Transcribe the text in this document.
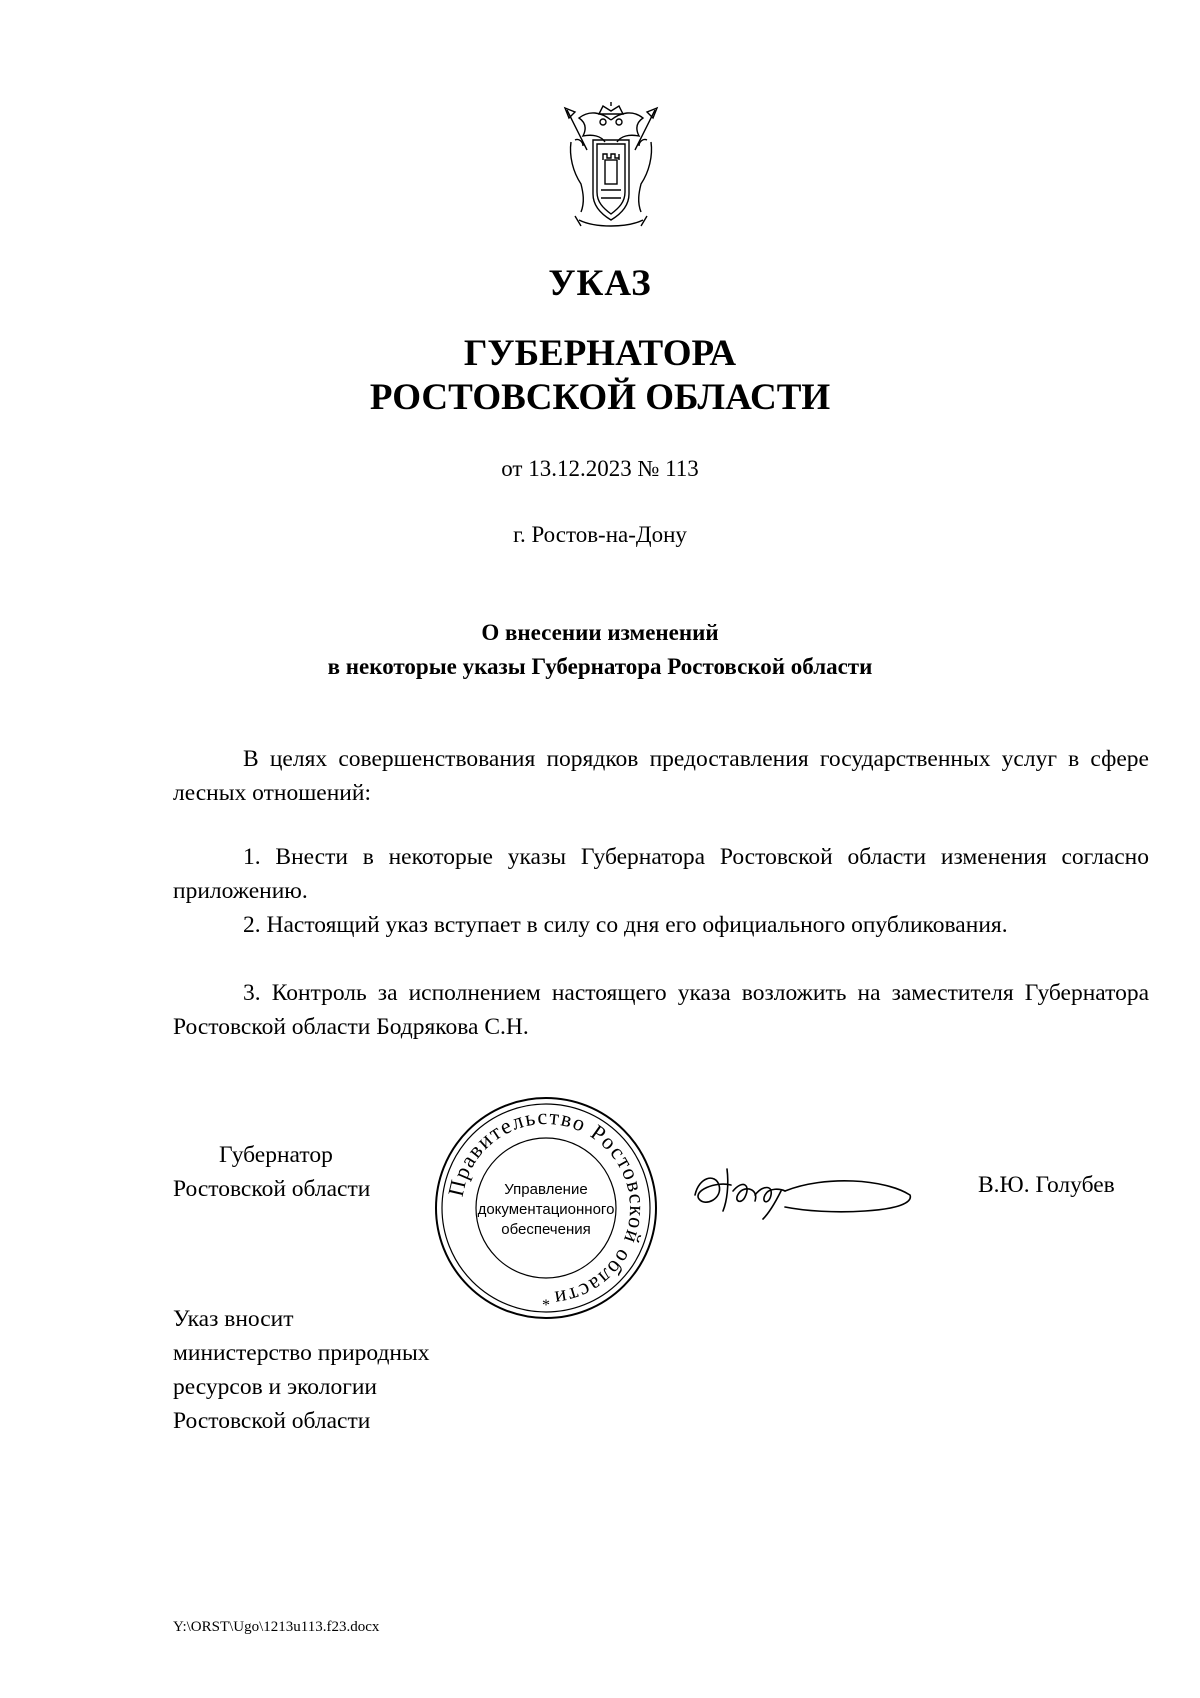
УКАЗ
ГУБЕРНАТОРА
РОСТОВСКОЙ ОБЛАСТИ
от 13.12.2023 № 113
г. Ростов-на-Дону
О внесении изменений
в некоторые указы Губернатора Ростовской области
В целях совершенствования порядков предоставления государственных услуг в сфере лесных отношений:
1. Внести в некоторые указы Губернатора Ростовской области изменения согласно приложению.
2. Настоящий указ вступает в силу со дня его официального опубликования.
3. Контроль за исполнением настоящего указа возложить на заместителя Губернатора Ростовской области Бодрякова С.Н.
Губернатор
Ростовской области	Правительство Ростовской области
Управление
документационного
обеспечения
*
В.Ю. Голубев
Указ вносит
министерство природных
ресурсов и экологии
Ростовской области
Y:\ORST\Ugo\1213u113.f23.docx
